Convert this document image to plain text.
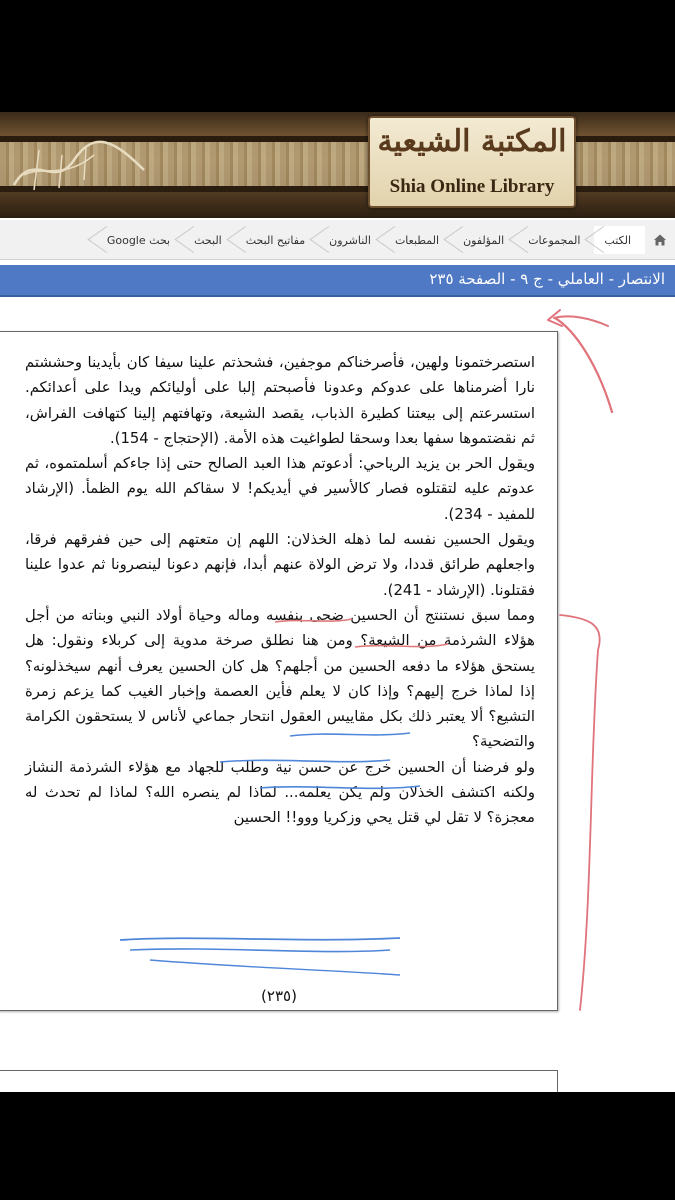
المكتبة الشيعية
Shia Online Library
الكتب
المجموعات
المؤلفون
المطبعات
الناشرون
مفاتيح البحث
البحث
بحث Google
الانتصار - العاملي - ج ٩ - الصفحة ٢٣٥

استصرختمونا ولهين، فأصرخناكم موجفين، فشحذتم علينا سيفا كان بأيدينا وحششتم نارا أضرمناها على عدوكم وعدونا فأصبحتم إلبا على أوليائكم ويدا على أعدائكم. استسرعتم إلى بيعتنا كطيرة الذباب، يقصد الشيعة، وتهافتهم إلينا كتهافت الفراش، ثم نقضتموها سفها بعدا وسحقا لطواغيت هذه الأمة. (الإحتجاج - 154).

ويقول الحر بن يزيد الرياحي: أدعوتم هذا العبد الصالح حتى إذا جاءكم أسلمتموه، ثم عدوتم عليه لتقتلوه فصار كالأسير في أيديكم! لا سقاكم الله يوم الظمأ. (الإرشاد للمفيد - 234).

ويقول الحسين نفسه لما ذهله الخذلان: اللهم إن متعتهم إلى حين ففرقهم فرقا، واجعلهم طرائق قددا، ولا ترض الولاة عنهم أبدا، فإنهم دعونا لينصرونا ثم عدوا علينا فقتلونا. (الإرشاد - 241).

ومما سبق نستنتج أن الحسين ضحى بنفسه وماله وحياة أولاد النبي وبناته من أجل هؤلاء الشرذمة من الشيعة؟ ومن هنا نطلق صرخة مدوية إلى كربلاء ونقول: هل يستحق هؤلاء ما دفعه الحسين من أجلهم؟ هل كان الحسين يعرف أنهم سيخذلونه؟ إذا لماذا خرج إليهم؟ وإذا كان لا يعلم فأين العصمة وإخبار الغيب كما يزعم زمرة التشيع؟ ألا يعتبر ذلك بكل مقاييس العقول انتحار جماعي لأناس لا يستحقون الكرامة والتضحية؟

ولو فرضنا أن الحسين خرج عن حسن نية وطلب للجهاد مع هؤلاء الشرذمة النشاز ولكنه اكتشف الخذلان ولم يكن يعلمه... لماذا لم ينصره الله؟ لماذا لم تحدث له معجزة؟ لا تقل لي قتل يحي وزكريا ووو!! الحسين

(٢٣٥)
